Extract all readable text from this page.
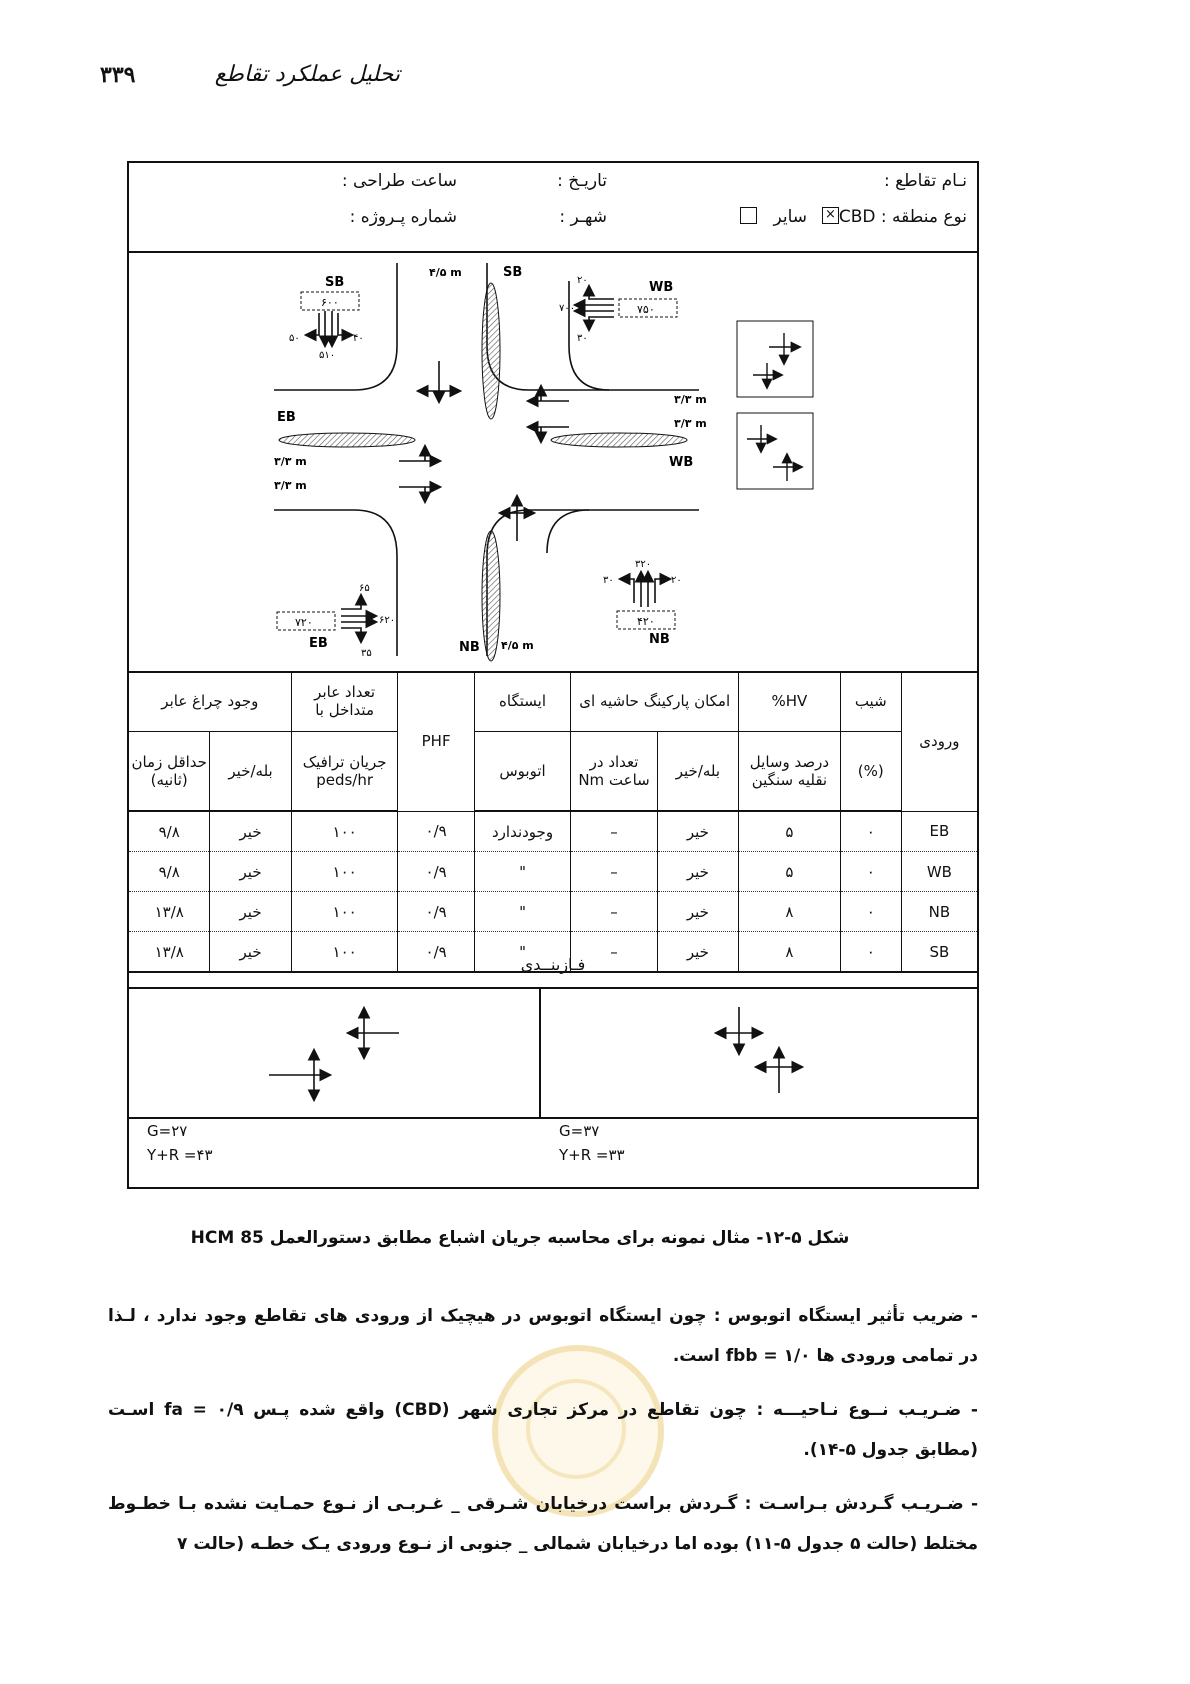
۳۳۹	تحلیل عملکرد تقاطع
نـام تقاطع :
تاریـخ :
ساعت طراحی :
نوع منطقه : CBD
×
سایر
شهـر :
شماره پـروژه :
SB
SB
WB
WB
EB
EB	NB
NB
۶۰۰
۷۵۰
۷۲۰	۴۲۰
۵۰
۵۱۰
۴۰
۲۰
۷۰۰
۳۰
۶۵
۶۲۰
۳۵
۳۰
۳۲۰
۲۰
۴/۵ m
۴/۵ m
۳/۳ m
۳/۳ m
۳/۳ m
۳/۳ m
ورودی	شیب	%HV	امکان پارکینگ حاشیه ای		ایستگاه	PHF	تعداد عابر متداخل با	وجود چراغ عابر	
	(%)	درصد وسایل نقلیه سنگین	بله/خیر	تعداد در ساعت Nm	اتوبوس		جریان ترافیک peds/hr	بله/خیر	حداقل زمان (ثانیه)
EB	۰	۵	خیر	–	وجودندارد	۰/۹	۱۰۰	خیر	۹/۸
WB	۰	۵	خیر	–	"	۰/۹	۱۰۰	خیر	۹/۸
NB	۰	۸	خیر	–	"	۰/۹	۱۰۰	خیر	۱۳/۸
SB	۰	۸	خیر	–	"	۰/۹	۱۰۰	خیر	۱۳/۸
فـازبنــدی
G=۲۷
Y+R =۴۳
G=۳۷
Y+R =۳۳
شکل ۵-۱۲- مثال نمونه برای محاسبه جریان اشباع مطابق دستورالعمل HCM 85
- ضریب تأثیر ایستگاه اتوبوس : چون ایستگاه اتوبوس در هیچیک از ورودی های تقاطع وجود ندارد ، لـذا در تمامی ورودی ها fbb = ۱/۰ است.
- ضـریـب نــوع نـاحیـــه : چون تقاطع در مرکز تجاری شهر (CBD) واقع شده پـس fa = ۰/۹ اسـت (مطابق جدول ۵-۱۴).
- ضـریـب گـردش بـراسـت : گـردش براست درخیابان شـرقی _ غـربـی از نـوع حمـایت نشده بـا خطـوط مختلط (حالت ۵ جدول ۵-۱۱) بوده اما درخیابان شمالی _ جنوبی از نـوع ورودی یـک خطـه (حالت ۷
